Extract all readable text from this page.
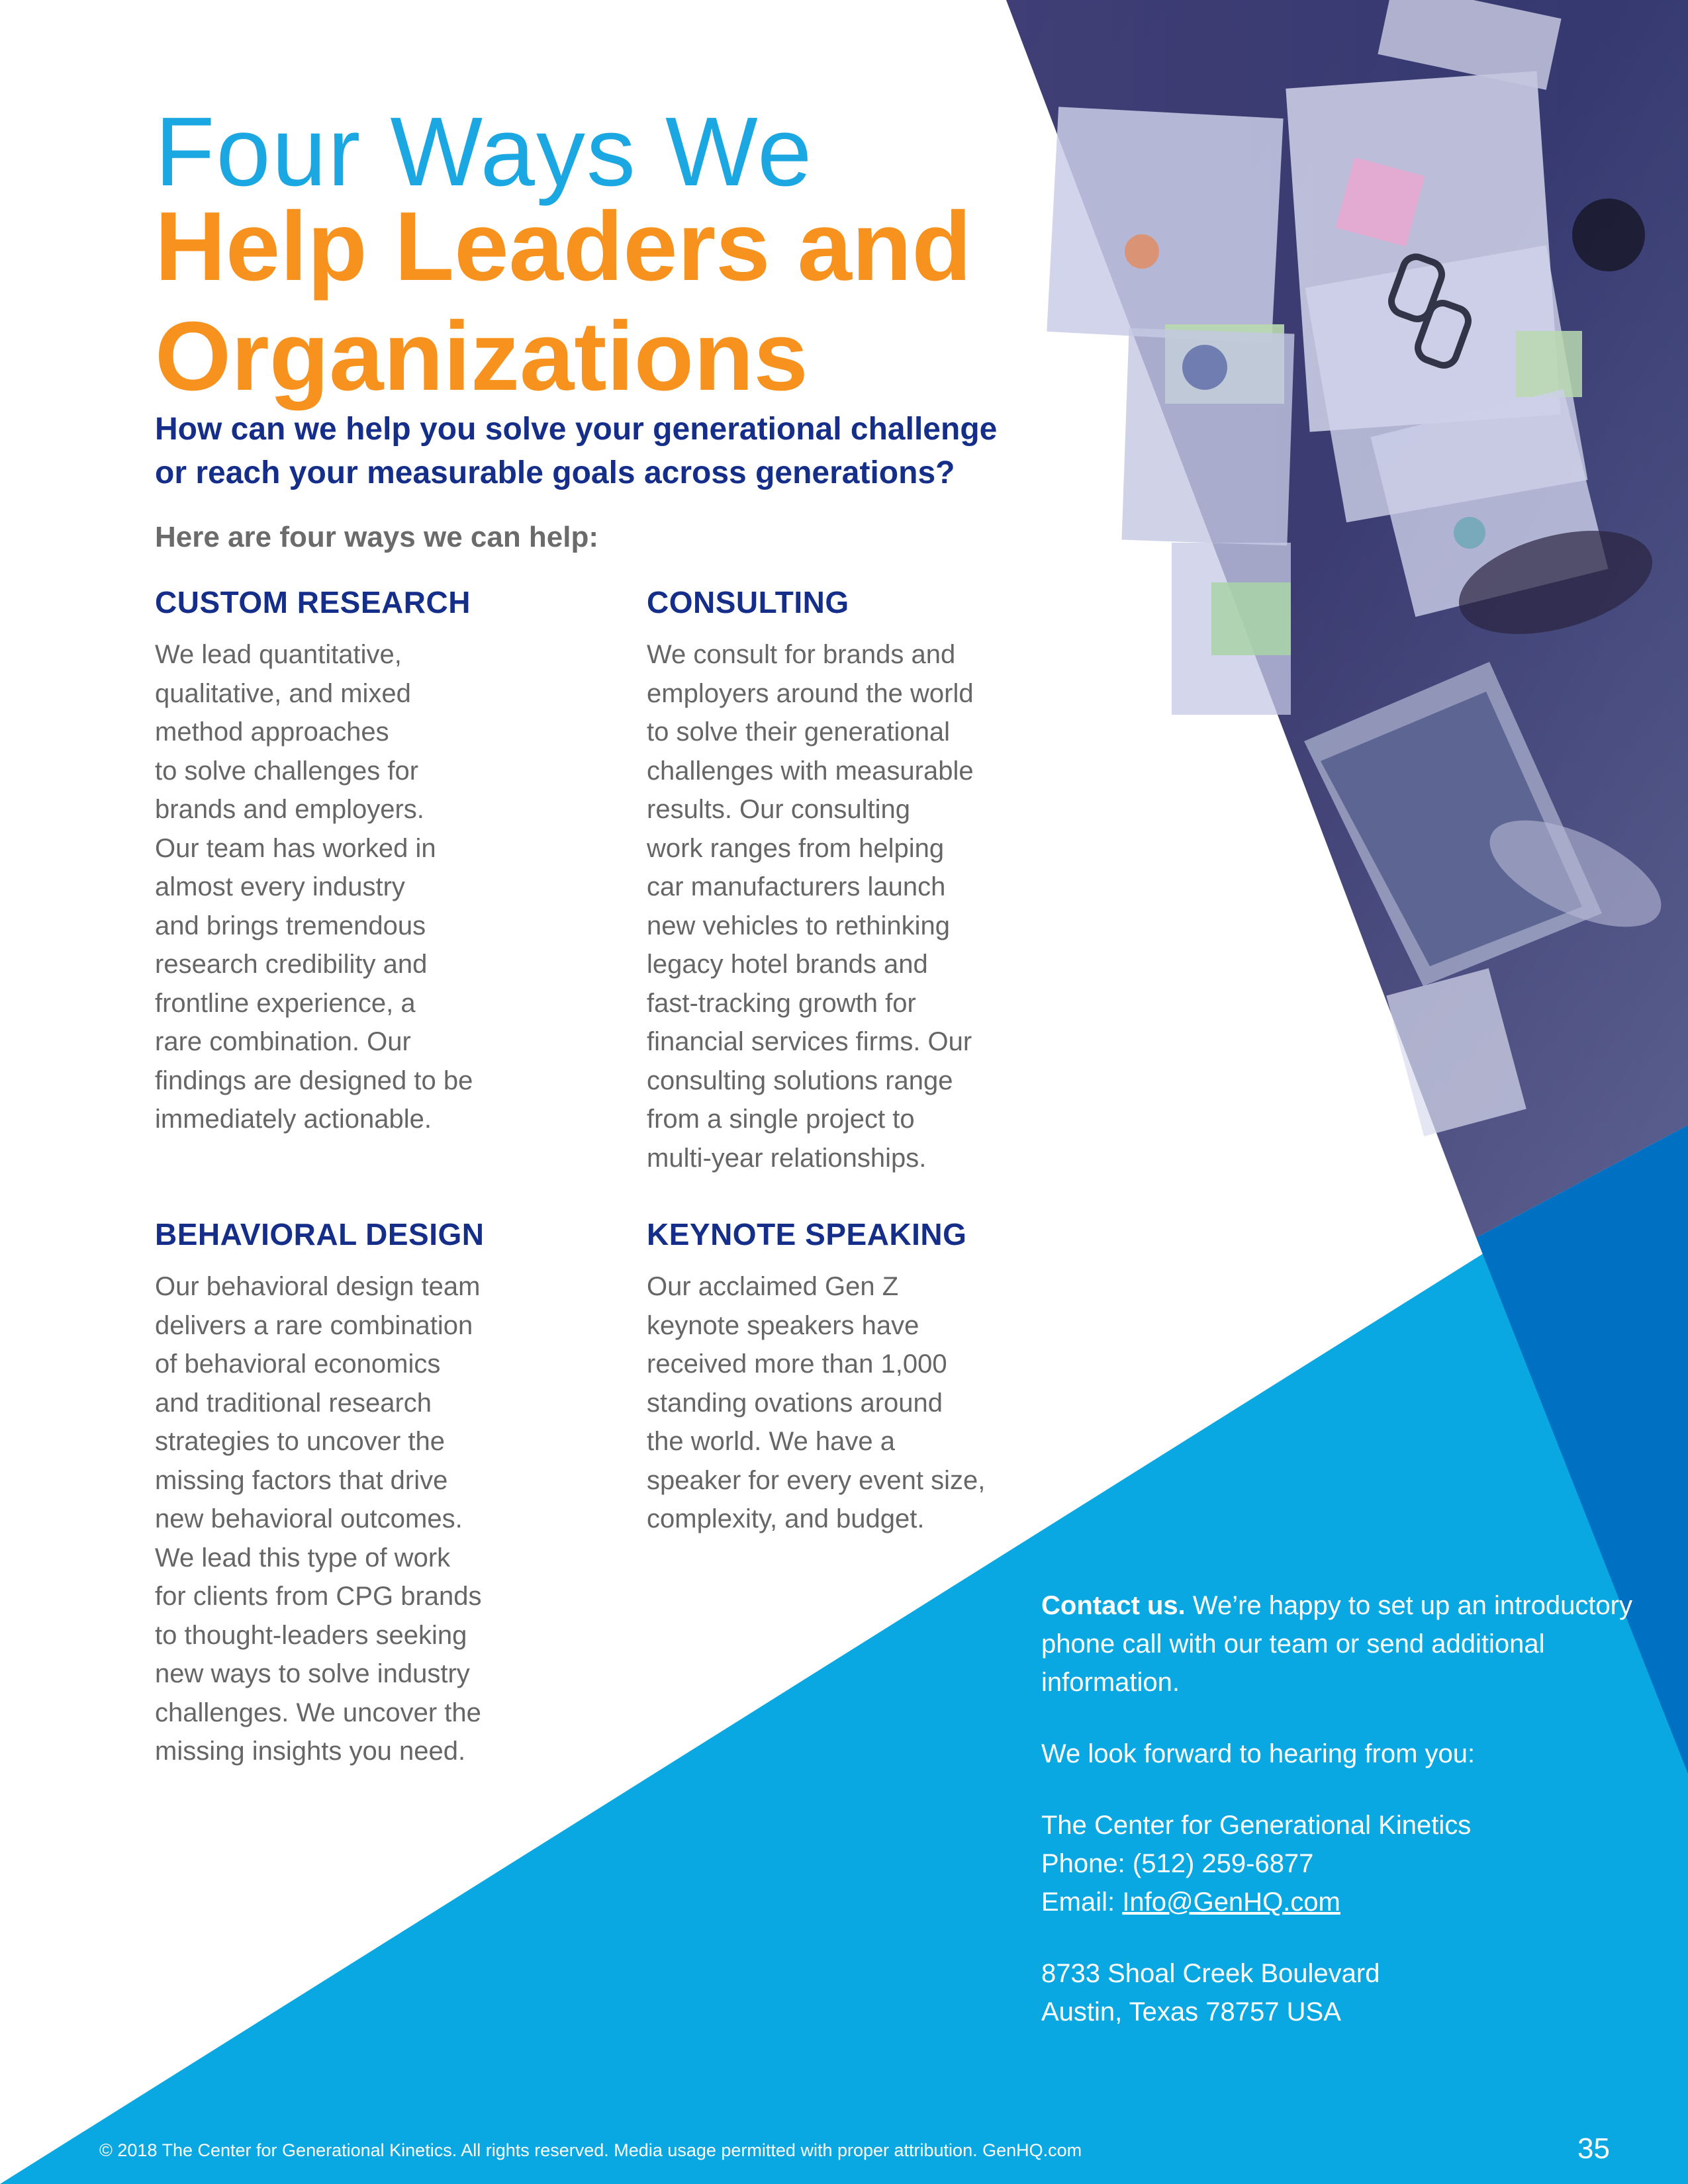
Four Ways We
Help Leaders and
Organizations
How can we help you solve your generational challenge
or reach your measurable goals across generations?
Here are four ways we can help:
CUSTOM RESEARCH
We lead quantitative,
qualitative, and mixed
method approaches
to solve challenges for
brands and employers.
Our team has worked in
almost every industry
and brings tremendous
research credibility and
frontline experience, a
rare combination. Our
findings are designed to be
immediately actionable.
CONSULTING
We consult for brands and
employers around the world
to solve their generational
challenges with measurable
results. Our consulting
work ranges from helping
car manufacturers launch
new vehicles to rethinking
legacy hotel brands and
fast-tracking growth for
financial services firms. Our
consulting solutions range
from a single project to
multi-year relationships.
BEHAVIORAL DESIGN
Our behavioral design team
delivers a rare combination
of behavioral economics
and traditional research
strategies to uncover the
missing factors that drive
new behavioral outcomes.
We lead this type of work
for clients from CPG brands
to thought-leaders seeking
new ways to solve industry
challenges. We uncover the
missing insights you need.
KEYNOTE SPEAKING
Our acclaimed Gen Z
keynote speakers have
received more than 1,000
standing ovations around
the world. We have a
speaker for every event size,
complexity, and budget.

Contact us. We’re happy to set up an introductory phone call with our team or send additional information.

We look forward to hearing from you:

The Center for Generational Kinetics

Phone: (512) 259-6877

Email: Info@GenHQ.com

8733 Shoal Creek Boulevard

Austin, Texas 78757 USA

© 2018 The Center for Generational Kinetics. All rights reserved. Media usage permitted with proper attribution. GenHQ.com	35
